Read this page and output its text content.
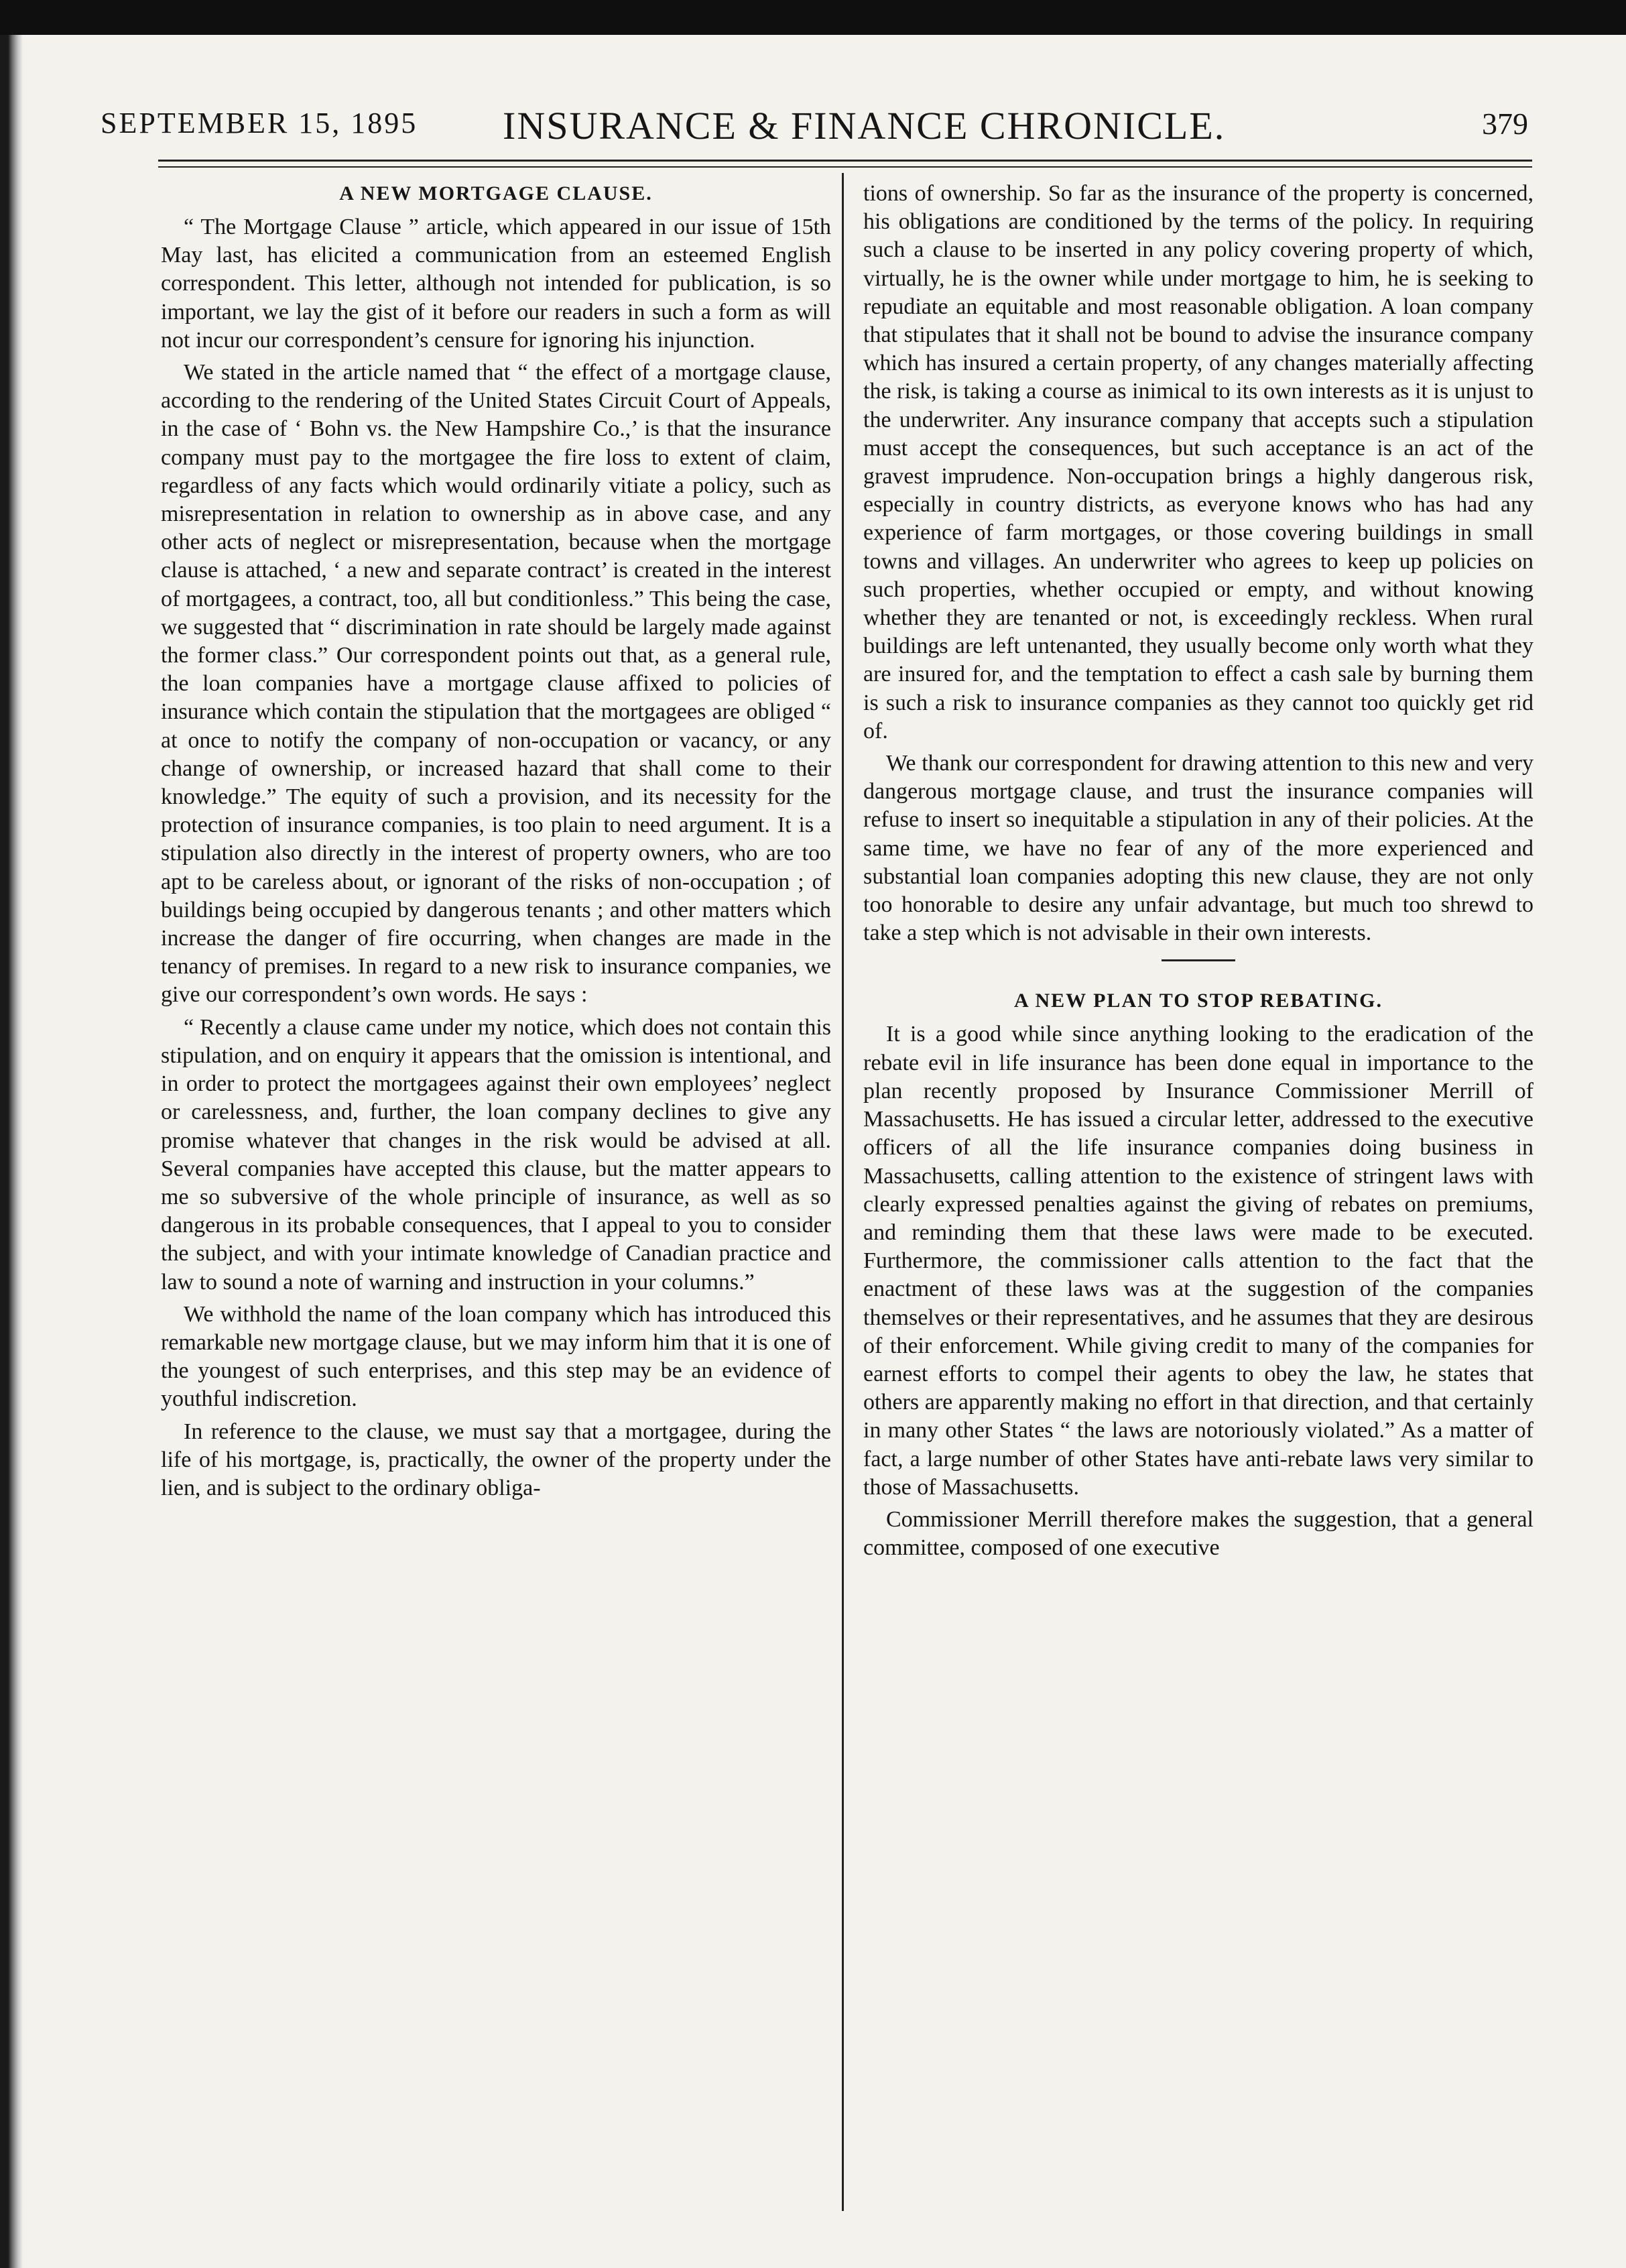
SEPTEMBER 15, 1895 INSURANCE & FINANCE CHRONICLE.	379
A NEW MORTGAGE CLAUSE.

“ The Mortgage Clause ” article, which appeared in our issue of 15th May last, has elicited a communication from an esteemed English correspondent. This letter, although not intended for publication, is so important, we lay the gist of it before our readers in such a form as will not incur our correspondent’s censure for ignoring his injunction.

We stated in the article named that “ the effect of a mortgage clause, according to the rendering of the United States Circuit Court of Appeals, in the case of ‘ Bohn vs. the New Hampshire Co.,’ is that the insurance company must pay to the mortgagee the fire loss to extent of claim, regardless of any facts which would ordinarily vitiate a policy, such as misrepresentation in relation to ownership as in above case, and any other acts of neglect or misrepresentation, because when the mortgage clause is attached, ‘ a new and separate contract’ is created in the interest of mortgagees, a contract, too, all but conditionless.” This being the case, we suggested that “ discrimination in rate should be largely made against the former class.” Our correspondent points out that, as a general rule, the loan companies have a mortgage clause affixed to policies of insurance which contain the stipulation that the mortgagees are obliged “ at once to notify the company of non-occupation or vacancy, or any change of ownership, or increased hazard that shall come to their knowledge.” The equity of such a provision, and its necessity for the protection of insurance companies, is too plain to need argument. It is a stipulation also directly in the interest of property owners, who are too apt to be careless about, or ignorant of the risks of non-occupation ; of buildings being occupied by dangerous tenants ; and other matters which increase the danger of fire occurring, when changes are made in the tenancy of premises. In regard to a new risk to insurance companies, we give our correspondent’s own words. He says :

“ Recently a clause came under my notice, which does not contain this stipulation, and on enquiry it appears that the omission is intentional, and in order to protect the mortgagees against their own employees’ neglect or carelessness, and, further, the loan company declines to give any promise whatever that changes in the risk would be advised at all. Several companies have accepted this clause, but the matter appears to me so subversive of the whole principle of insurance, as well as so dangerous in its probable consequences, that I appeal to you to consider the subject, and with your intimate knowledge of Canadian practice and law to sound a note of warning and instruction in your columns.”

We withhold the name of the loan company which has introduced this remarkable new mortgage clause, but we may inform him that it is one of the youngest of such enterprises, and this step may be an evidence of youthful indiscretion.

In reference to the clause, we must say that a mortgagee, during the life of his mortgage, is, practically, the owner of the property under the lien, and is subject to the ordinary obliga-

tions of ownership. So far as the insurance of the property is concerned, his obligations are conditioned by the terms of the policy. In requiring such a clause to be inserted in any policy covering property of which, virtually, he is the owner while under mortgage to him, he is seeking to repudiate an equitable and most reasonable obligation. A loan company that stipulates that it shall not be bound to advise the insurance company which has insured a certain property, of any changes materially affecting the risk, is taking a course as inimical to its own interests as it is unjust to the underwriter. Any insurance company that accepts such a stipulation must accept the consequences, but such acceptance is an act of the gravest imprudence. Non-occupation brings a highly dangerous risk, especially in country districts, as everyone knows who has had any experience of farm mortgages, or those covering buildings in small towns and villages. An underwriter who agrees to keep up policies on such properties, whether occupied or empty, and without knowing whether they are tenanted or not, is exceedingly reckless. When rural buildings are left untenanted, they usually become only worth what they are insured for, and the temptation to effect a cash sale by burning them is such a risk to insurance companies as they cannot too quickly get rid of.

We thank our correspondent for drawing attention to this new and very dangerous mortgage clause, and trust the insurance companies will refuse to insert so inequitable a stipulation in any of their policies. At the same time, we have no fear of any of the more experienced and substantial loan companies adopting this new clause, they are not only too honorable to desire any unfair advantage, but much too shrewd to take a step which is not advisable in their own interests.

A NEW PLAN TO STOP REBATING.

It is a good while since anything looking to the eradication of the rebate evil in life insurance has been done equal in importance to the plan recently proposed by Insurance Commissioner Merrill of Massachusetts. He has issued a circular letter, addressed to the executive officers of all the life insurance companies doing business in Massachusetts, calling attention to the existence of stringent laws with clearly expressed penalties against the giving of rebates on premiums, and reminding them that these laws were made to be executed. Furthermore, the commissioner calls attention to the fact that the enactment of these laws was at the suggestion of the companies themselves or their representatives, and he assumes that they are desirous of their enforcement. While giving credit to many of the companies for earnest efforts to compel their agents to obey the law, he states that others are apparently making no effort in that direction, and that certainly in many other States “ the laws are notoriously violated.” As a matter of fact, a large number of other States have anti-rebate laws very similar to those of Massachusetts.

Commissioner Merrill therefore makes the suggestion, that a general committee, composed of one executive
